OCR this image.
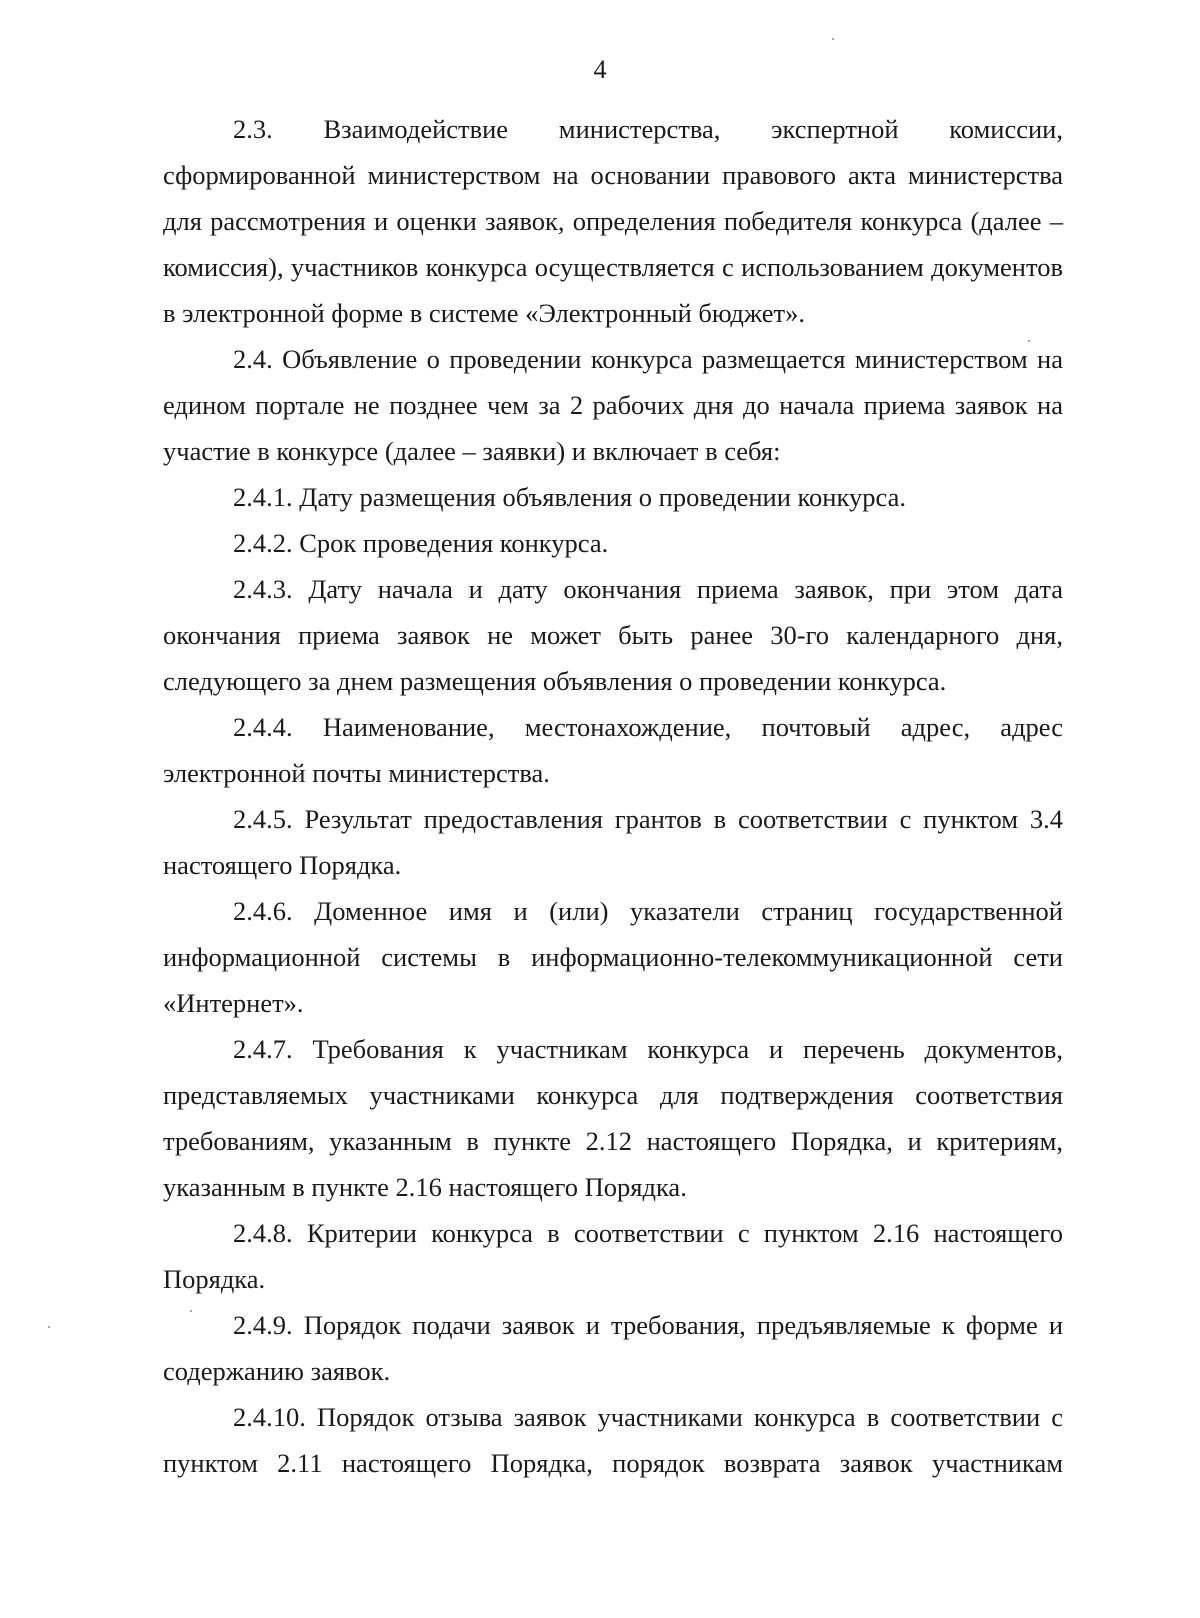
4

2.3. Взаимодействие министерства, экспертной комиссии, сформированной министерством на основании правового акта министерства для рассмотрения и оценки заявок, определения победителя конкурса (далее – комиссия), участников конкурса осуществляется с использованием документов в электронной форме в системе «Электронный бюджет».

2.4. Объявление о проведении конкурса размещается министерством на едином портале не позднее чем за 2 рабочих дня до начала приема заявок на участие в конкурсе (далее – заявки) и включает в себя:

2.4.1. Дату размещения объявления о проведении конкурса.

2.4.2. Срок проведения конкурса.

2.4.3. Дату начала и дату окончания приема заявок, при этом дата окончания приема заявок не может быть ранее 30-го календарного дня, следующего за днем размещения объявления о проведении конкурса.

2.4.4. Наименование, местонахождение, почтовый адрес, адрес электронной почты министерства.

2.4.5. Результат предоставления грантов в соответствии с пунктом 3.4 настоящего Порядка.

2.4.6. Доменное имя и (или) указатели страниц государственной информационной системы в информационно-телекоммуникационной сети «Интернет».

2.4.7. Требования к участникам конкурса и перечень документов, представляемых участниками конкурса для подтверждения соответствия требованиям, указанным в пункте 2.12 настоящего Порядка, и критериям, указанным в пункте 2.16 настоящего Порядка.

2.4.8. Критерии конкурса в соответствии с пунктом 2.16 настоящего Порядка.

2.4.9. Порядок подачи заявок и требования, предъявляемые к форме и содержанию заявок.

2.4.10. Порядок отзыва заявок участниками конкурса в соответствии с пунктом 2.11 настоящего Порядка, порядок возврата заявок участникам
